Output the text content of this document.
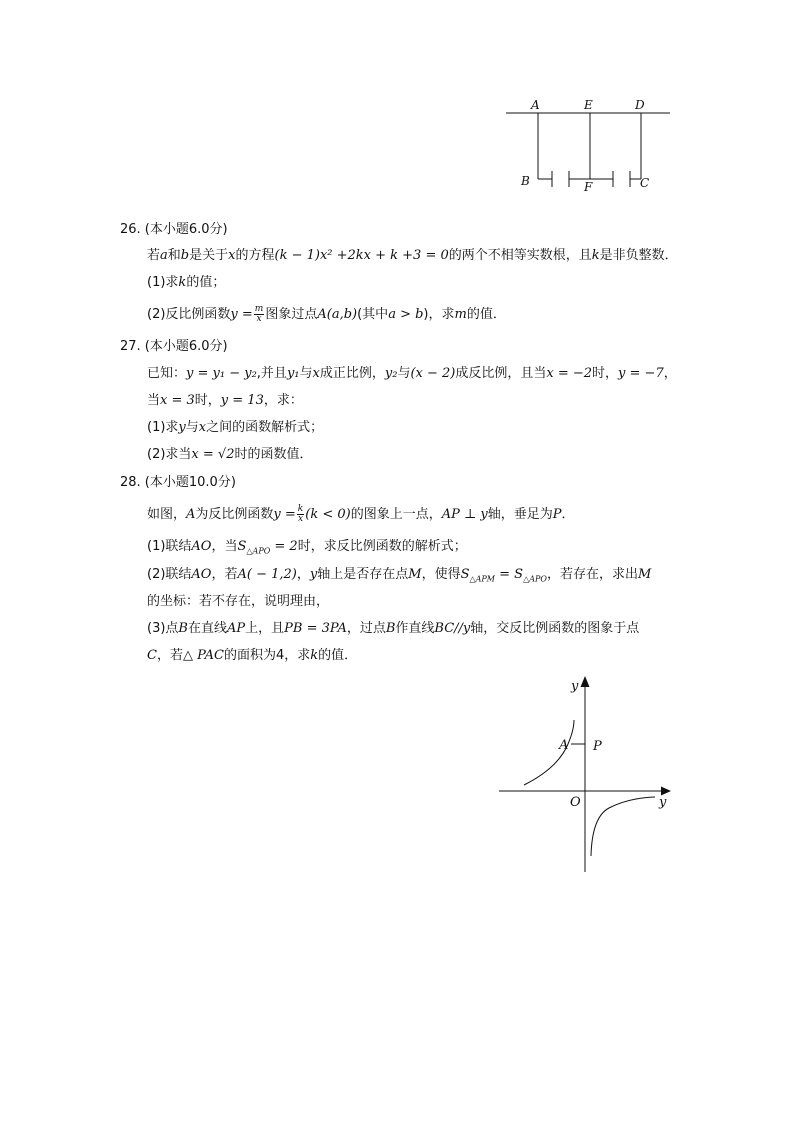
A	E	D
B	F	C
26. (本小题6.0分)
若a和b是关于x的方程(k − 1)x² +2kx + k +3 = 0的两个不相等实数根，且k是非负整数．
(1)求k的值；
(2)反比例函数$y = \frac{m}{x}$ 图象过点A(a,b)(其中a > b)，求m的值．
27. (本小题6.0分)
已知：y = y₁ − y₂,并且y₁与x成正比例，y₂与(x − 2)成反比例，且当x = −2时，y = −7，
当x = 3时，y = 13，求：
(1)求y与x之间的函数解析式；
(2)求当x = √2时的函数值．
28. (本小题10.0分)
如图，A为反比例函数$y = \frac{k}{x} (k < 0)$的图象上一点，AP ⊥ y轴，垂足为P．
(1)联结AO，当$S_{\triangle APO} = 2$时，求反比例函数的解析式；
(2)联结AO，若A( − 1,2)，y轴上是否存在点M，使得$S_{\triangle APM} = S_{\triangle APO}$，若存在，求出M
的坐标：若不存在，说明理由，
(3)点B在直线AP上，且PB = 3PA，过点B作直线BC//y轴，交反比例函数的图象于点
C，若△ PAC的面积为4，求k的值．
y
y
O
A P
